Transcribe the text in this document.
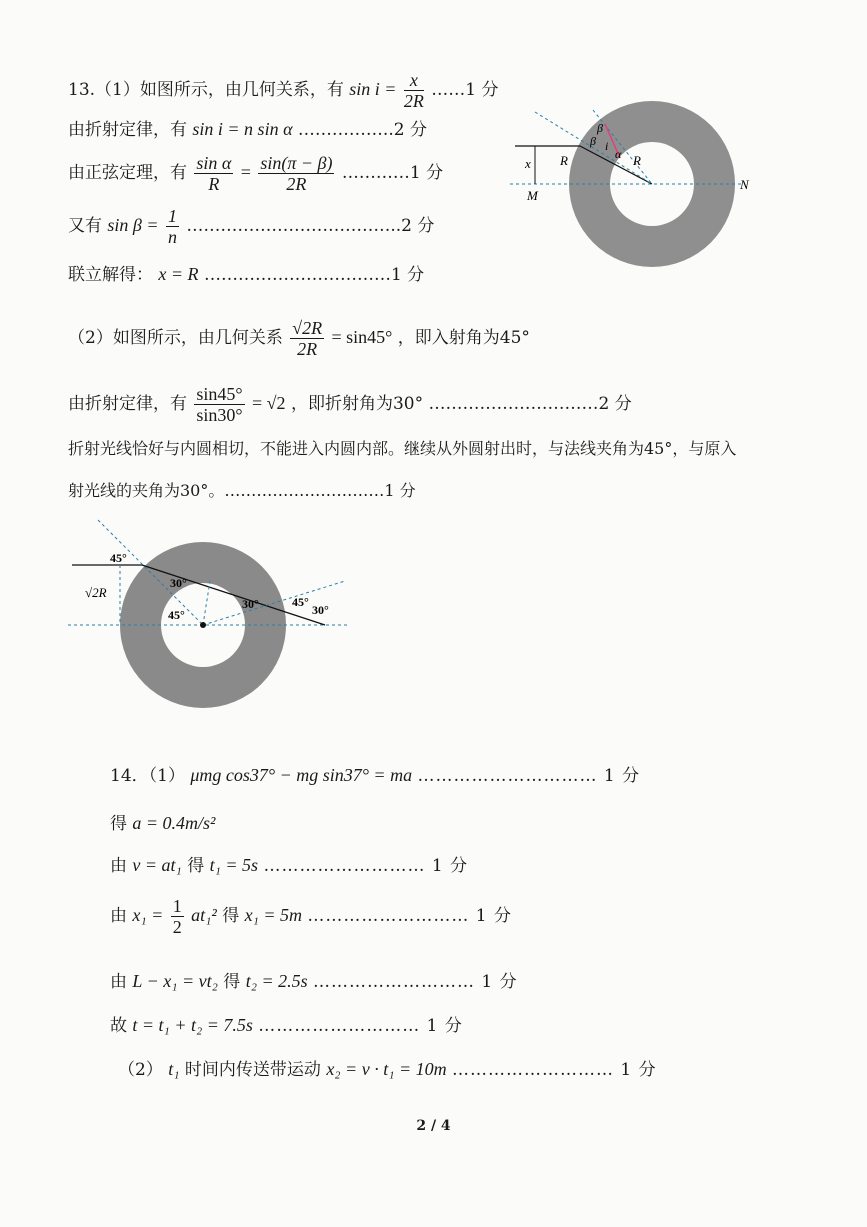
13.（1）如图所示，由几何关系，有 $\sin i = \frac{x}{2R}$ ……1 分
由折射定律，有 sin i = n sin α ……………..2 分
由正弦定理，有 $\frac{\text{sin α}}{R} = \frac{\sin(\pi - \beta)}{2R}$ …………1 分
又有 $\sin \beta = \frac{1}{n}$ ………………………………..2 分
联立解得： x = R ……………………………1 分
x
M
N
R	R
β
β i
α
（2）如图所示，由几何关系 $\frac{√2R}{2R} = \sin 45^\circ$ ，即入射角为45°
由折射定律，有 $\frac{\sin 45^\circ}{\sin 30^\circ} = √2$ ，即折射角为30° …………………………2 分
折射光线恰好与内圆相切，不能进入内圆内部。继续从外圆射出时，与法线夹角为45°，与原入
射光线的夹角为30°。…………………………1 分
45°
30°
45°
30°	45°
30°
√2R
14．（1） μmg cos37° − mg sin37° = ma ………………………… 1 分
得 a = 0.4m/s²
由 v = at₁ 得 t₁ = 5s ……………………… 1 分
由 $x_1 = \frac{1}{2} at_1^2$ 得 x₁ = 5m ……………………… 1 分
由 L − x₁ = vt₂ 得 t₂ = 2.5s ……………………… 1 分
故 t = t₁ + t₂ = 7.5s ……………………… 1 分
（2） t₁ 时间内传送带运动 x₂ = v · t₁ = 10m ……………………… 1 分
2 / 4
